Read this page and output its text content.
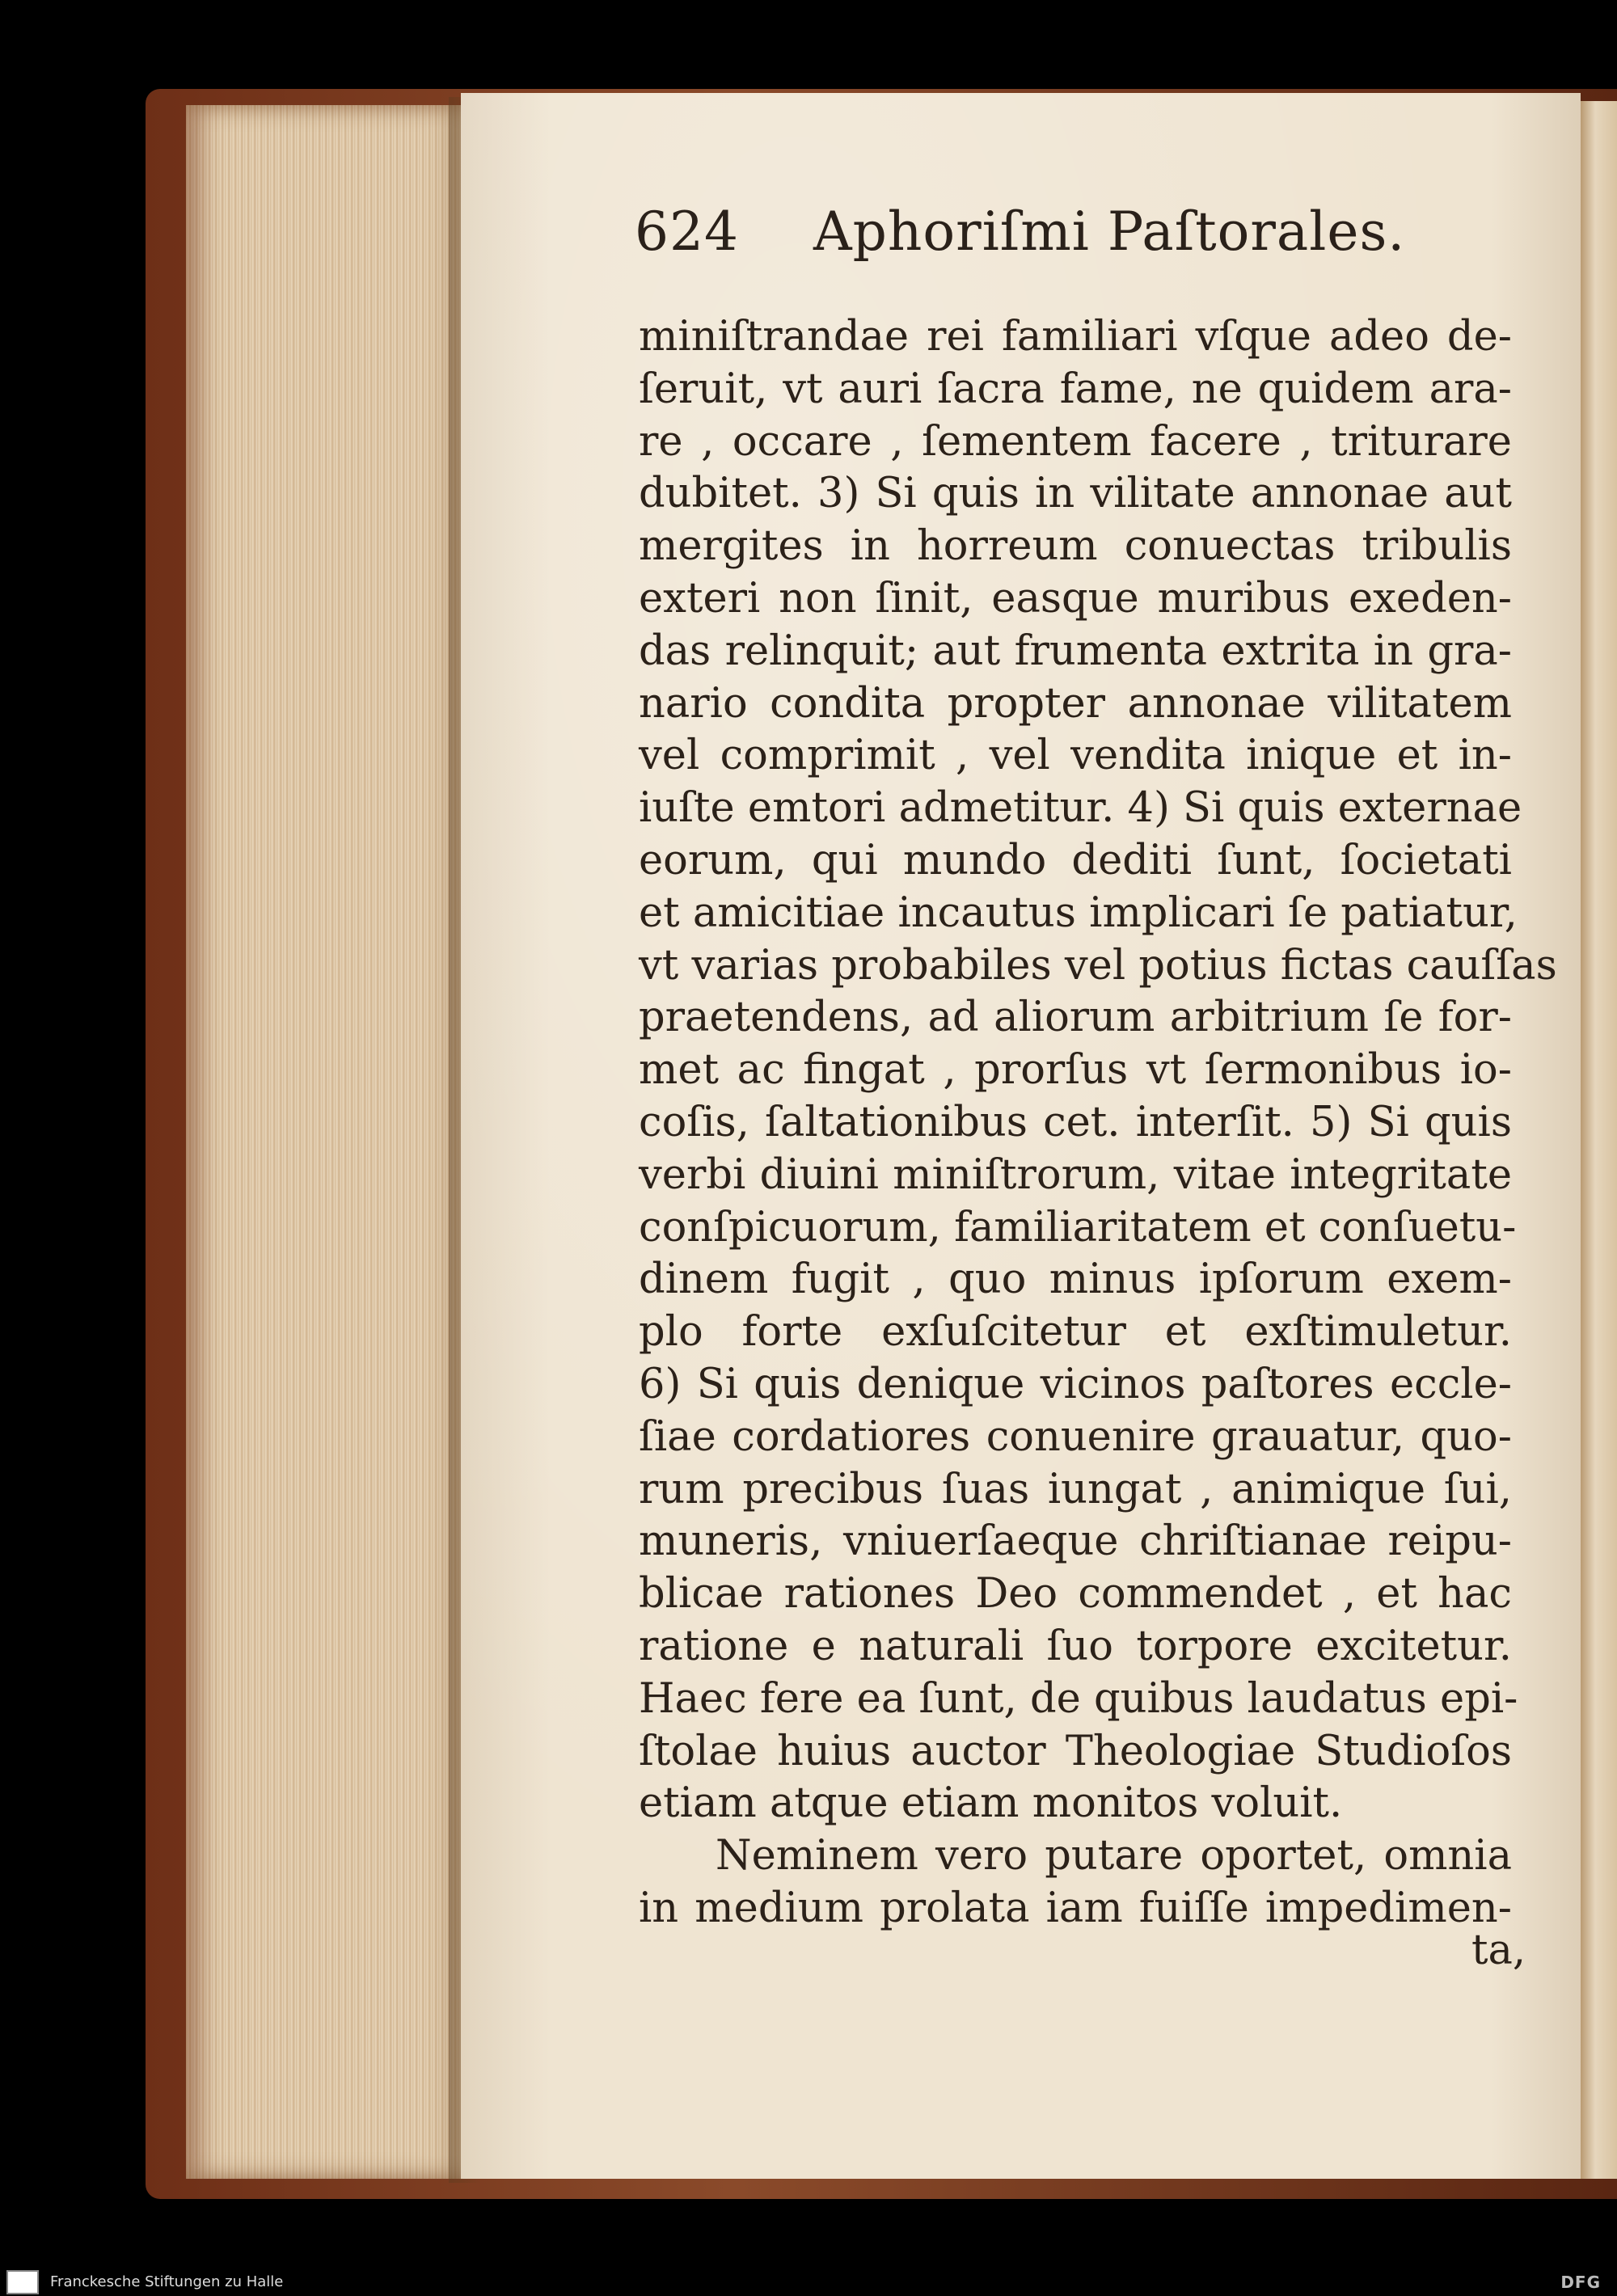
624 Aphoriſmi Paſtorales.
miniſtrandae rei familiari vſque adeo de-
ſeruit, vt auri ſacra fame, ne quidem ara-
re , occare , ſementem facere , triturare
dubitet. 3) Si quis in vilitate annonae aut
mergites in horreum conuectas tribulis
exteri non ſinit, easque muribus exeden-
das relinquit; aut frumenta extrita in gra-
nario condita propter annonae vilitatem
vel comprimit , vel vendita inique et in-
iuſte emtori admetitur. 4) Si quis externae
eorum, qui mundo dediti ſunt, ſocietati
et amicitiae incautus implicari ſe patiatur,
vt varias probabiles vel potius fictas cauſſas
praetendens, ad aliorum arbitrium ſe for-
met ac fingat , prorſus vt ſermonibus io-
coſis, ſaltationibus cet. interſit. 5) Si quis
verbi diuini miniſtrorum, vitae integritate
conſpicuorum, familiaritatem et conſuetu-
dinem fugit , quo minus ipſorum exem-
plo forte exſuſcitetur et exſtimuletur.
6) Si quis denique vicinos paſtores eccle-
ſiae cordatiores conuenire grauatur, quo-
rum precibus ſuas iungat , animique ſui,
muneris, vniuerſaeque chriſtianae reipu-
blicae rationes Deo commendet , et hac
ratione e naturali ſuo torpore excitetur.
Haec fere ea ſunt, de quibus laudatus epi-
ſtolae huius auctor Theologiae Studioſos
etiam atque etiam monitos voluit.
Neminem vero putare oportet, omnia
in medium prolata iam fuiſſe impedimen-
ta,
Franckesche Stiftungen zu Halle	DFG
